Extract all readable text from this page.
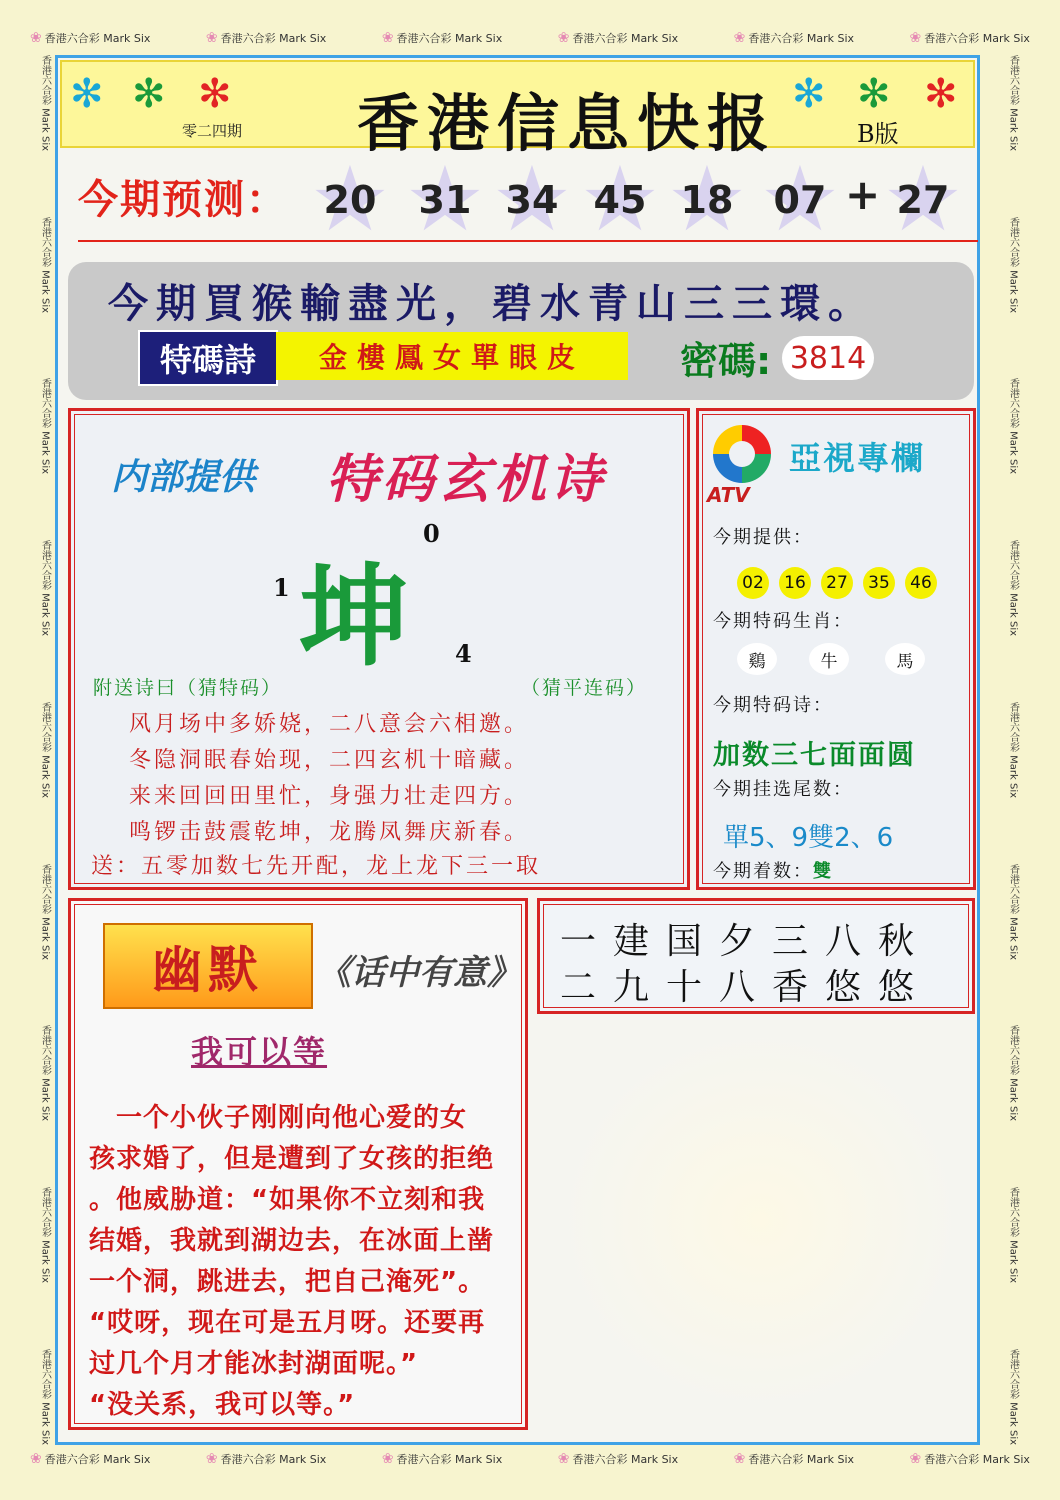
❀ 香港六合彩 Mark Six	❀ 香港六合彩 Mark Six	❀ 香港六合彩 Mark Six	❀ 香港六合彩 Mark Six	❀ 香港六合彩 Mark Six	❀ 香港六合彩 Mark Six
❀ 香港六合彩 Mark Six	❀ 香港六合彩 Mark Six	❀ 香港六合彩 Mark Six	❀ 香港六合彩 Mark Six	❀ 香港六合彩 Mark Six	❀ 香港六合彩 Mark Six
香港六合彩 Mark Six
香港六合彩 Mark Six
香港六合彩 Mark Six
香港六合彩 Mark Six
香港六合彩 Mark Six
香港六合彩 Mark Six
香港六合彩 Mark Six
香港六合彩 Mark Six
香港六合彩 Mark Six
香港六合彩 Mark Six
香港六合彩 Mark Six
香港六合彩 Mark Six
香港六合彩 Mark Six
香港六合彩 Mark Six
香港六合彩 Mark Six
香港六合彩 Mark Six
香港六合彩 Mark Six
香港六合彩 Mark Six
✻ ✻ ✻ 香港信息快报
零二四期	B版
✻ ✻ ✻
今期预测： ★ 20 ★ 31 ★ 34 ★ 45 ★ 18 ★ 07 + ★ 27
今期買猴輸盡光，碧水青山三三環。
特碼詩	金樓鳳女單眼皮	密碼: 3814
内部提供 特码玄机诗
坤
0
1
4
附送诗曰（猜特码）	（猜平连码）
风月场中多娇娆，二八意会六相邀。
冬隐洞眠春始现，二四玄机十暗藏。
来来回回田里忙，身强力壮走四方。
鸣锣击鼓震乾坤，龙腾凤舞庆新春。
送：五零加数七先开配，龙上龙下三一取
ATV
亞視專欄
今期提供：
02	16	27	35	46
今期特码生肖：
鷄	牛	馬
今期特码诗：
加数三七面面圆
今期挂选尾数：
單5、9雙2、6
今期着数：雙
幽默	《话中有意》
我可以等
　一个小伙子刚刚向他心爱的女
孩求婚了，但是遭到了女孩的拒绝
。他威胁道：“如果你不立刻和我
结婚，我就到湖边去，在冰面上凿
一个洞，跳进去，把自己淹死”。
“哎呀，现在可是五月呀。还要再
过几个月才能冰封湖面呢。”
“没关系，我可以等。”
一建国夕三八秋
二九十八香悠悠
